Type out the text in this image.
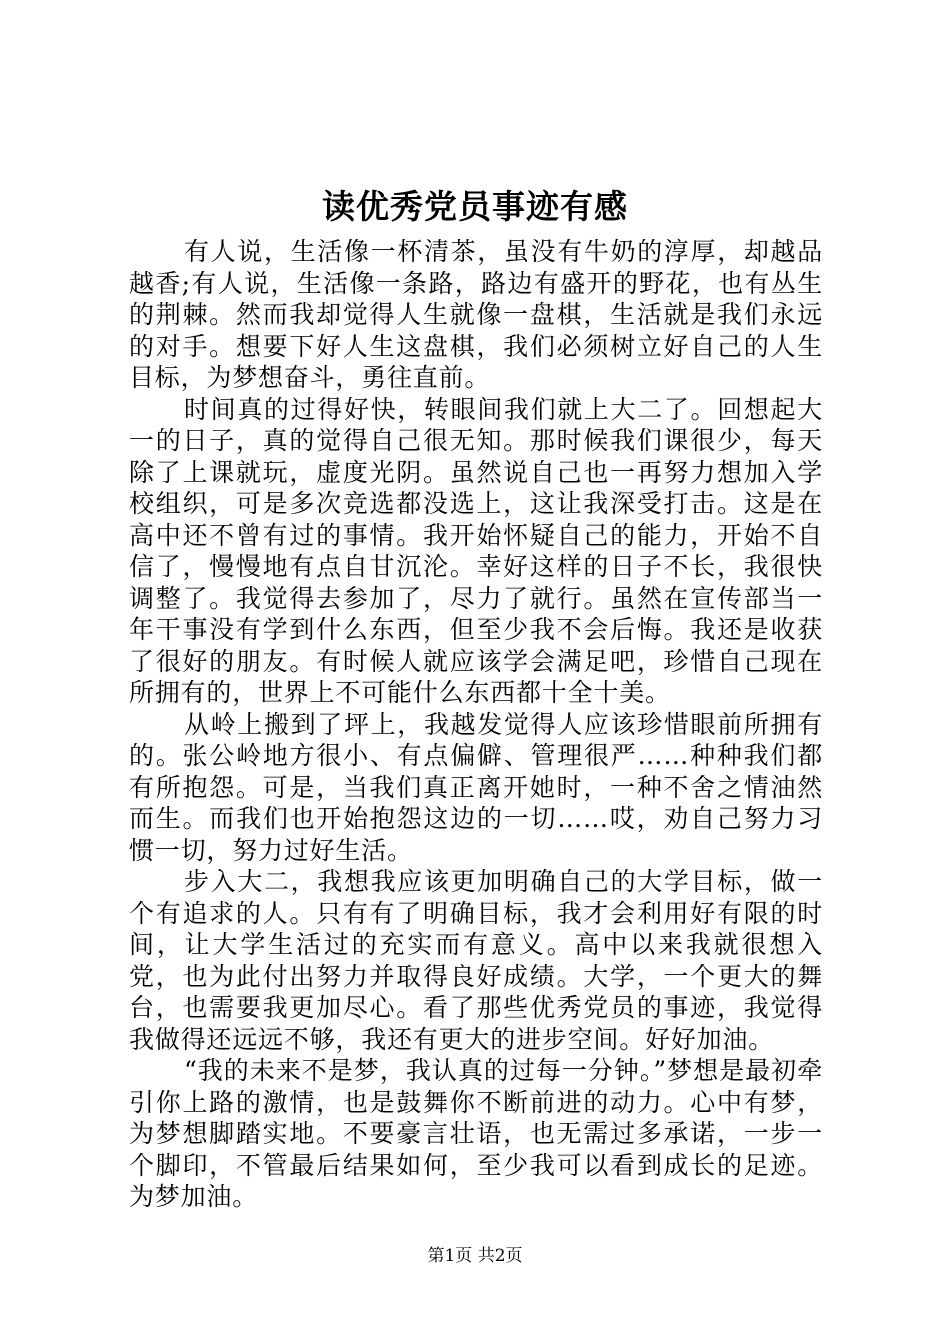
读优秀党员事迹有感

有人说，生活像一杯清茶，虽没有牛奶的淳厚，却越品越香;有人说，生活像一条路，路边有盛开的野花，也有丛生的荆棘。然而我却觉得人生就像一盘棋，生活就是我们永远的对手。想要下好人生这盘棋，我们必须树立好自己的人生目标，为梦想奋斗，勇往直前。

时间真的过得好快，转眼间我们就上大二了。回想起大一的日子，真的觉得自己很无知。那时候我们课很少，每天除了上课就玩，虚度光阴。虽然说自己也一再努力想加入学校组织，可是多次竞选都没选上，这让我深受打击。这是在高中还不曾有过的事情。我开始怀疑自己的能力，开始不自信了，慢慢地有点自甘沉沦。幸好这样的日子不长，我很快调整了。我觉得去参加了，尽力了就行。虽然在宣传部当一年干事没有学到什么东西，但至少我不会后悔。我还是收获了很好的朋友。有时候人就应该学会满足吧，珍惜自己现在所拥有的，世界上不可能什么东西都十全十美。

从岭上搬到了坪上，我越发觉得人应该珍惜眼前所拥有的。张公岭地方很小、有点偏僻、管理很严……种种我们都有所抱怨。可是，当我们真正离开她时，一种不舍之情油然而生。而我们也开始抱怨这边的一切……哎，劝自己努力习惯一切，努力过好生活。

步入大二，我想我应该更加明确自己的大学目标，做一个有追求的人。只有有了明确目标，我才会利用好有限的时间，让大学生活过的充实而有意义。高中以来我就很想入党，也为此付出努力并取得良好成绩。大学，一个更大的舞台，也需要我更加尽心。看了那些优秀党员的事迹，我觉得我做得还远远不够，我还有更大的进步空间。好好加油。

“我的未来不是梦，我认真的过每一分钟。”梦想是最初牵引你上路的激情，也是鼓舞你不断前进的动力。心中有梦，为梦想脚踏实地。不要豪言壮语，也无需过多承诺，一步一个脚印，不管最后结果如何，至少我可以看到成长的足迹。为梦加油。

第1页 共2页
